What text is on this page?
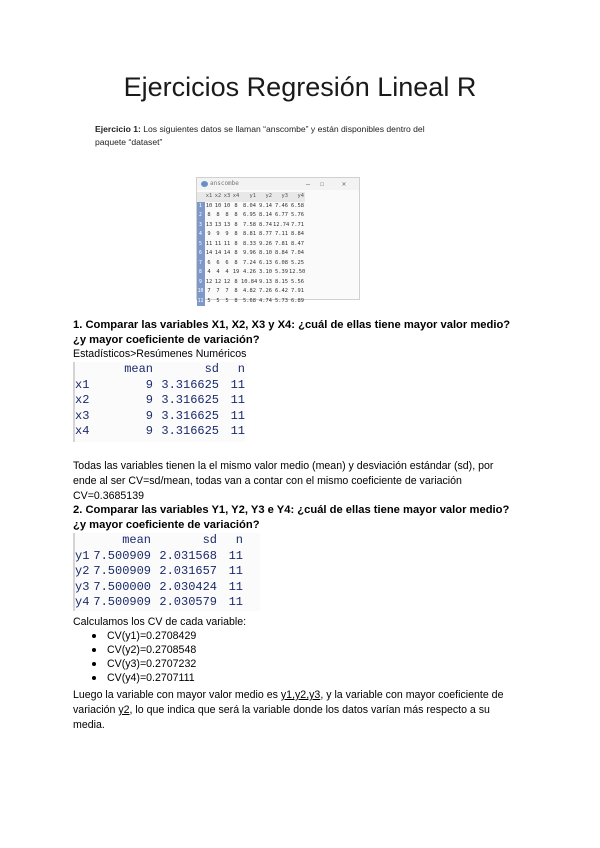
Ejercicios Regresión Lineal R
Ejercicio 1: Los siguientes datos se llaman “anscombe” y están disponibles dentro del
paquete “dataset”
anscombe	—	☐	✕
x1 x2 x3 x4	y1	y2	y3	y4
1 10 10 10 8 8.04 9.14 7.46 6.58
2	8	8	8	8 6.95 8.14 6.77 5.76
3 13 13 13 8 7.58 8.74 12.74 7.71
4	9	9	9	8 8.81 8.77 7.11 8.84
5 11 11 11 8 8.33 9.26 7.81 8.47
6 14 14 14 8 9.96 8.10 8.84 7.04
7	6	6	6	8 7.24 6.13 6.08 5.25
8	4	4	4 19 4.26 3.10 5.39 12.50
9 12 12 12 8 10.84 9.13 8.15 5.56
10 7	7	7	8 4.82 7.26 6.42 7.91
11 5	5	5	8 5.68 4.74 5.73 6.89

1. Comparar las variables X1, X2, X3 y X4: ¿cuál de ellas tiene mayor valor medio?
¿y mayor coeficiente de variación?

Estadísticos>Resúmenes Numéricos

mean	sd	n
x1	9 3.316625 11
x2	9 3.316625 11
x3	9 3.316625 11
x4	9 3.316625 11

Todas las variables tienen la el mismo valor medio (mean) y desviación estándar (sd), por
ende al ser CV=sd/mean, todas van a contar con el mismo coeficiente de variación
CV=0.3685139

2. Comparar las variables Y1, Y2, Y3 e Y4: ¿cuál de ellas tiene mayor valor medio?
¿y mayor coeficiente de variación?

mean	sd	n
y1 7.500909 2.031568 11
y2 7.500909 2.031657 11
y3 7.500000 2.030424 11
y4 7.500909 2.030579 11

Calculamos los CV de cada variable:

CV(y1)=0.2708429
CV(y2)=0.2708548
CV(y3)=0.2707232
CV(y4)=0.2707111

Luego la variable con mayor valor medio es y1,y2,y3, y la variable con mayor coeficiente de
variación y2, lo que indica que será la variable donde los datos varían más respecto a su
media.
